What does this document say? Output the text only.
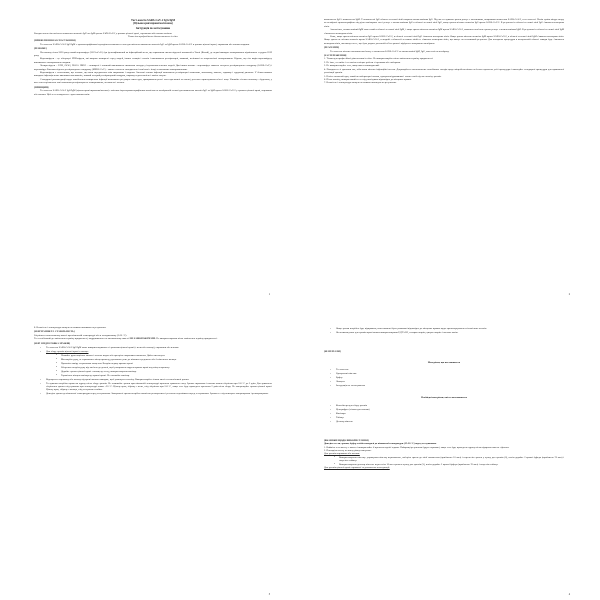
Тест-касета SARS-CoV-2 IgG/IgM
(Цільна кров/сироватка/плазма)
Інструкція по застосуванню

Експрес-тест для якісного виявлення антитіл IgG та IgM проти SARS-CoV-2 у зразках цільної крові, сироватки або плазми людини.

Тільки для професійного діагностичного in vitro.

[ПРИЗНАЧЕННЯ ЗАСТОСУВАННЯ]

Тест-касета SARS-CoV-2 IgG/IgM є хроматографічним імунодіагностичним тестом для якісного виявлення антитіл IgG та IgM проти SARS-CoV-2 в зразках цільної крові, сироватки або плазми людини.

[РЕЗЮМЕ]

На початку січня 2020 року новий коронавірус (2019-nCoV) був ідентифікований як інфекційний агент, що спричиняв спалах вірусної пневмонії в Ухані (Китай), де перші випадки захворювання відмічались з грудня 2019 року.

Коронавіруси – це обгорнуті РНК-віруси, які широко поширені серед людей, інших ссавців і птахів і викликають респіраторні, кишкові, печінкові та неврологічні захворювання. Відомо, що сім видів коронавірусу викликають захворювання людини.

Чотири віруси – 229E, OC43, NL63 і HKU1 – поширені і зазвичай викликають симптоми застуди у імунокомпетентних людей. Два інших штами – коронавірус тяжкого гострого респіраторного синдрому (SARS-CoV) і коронавірус Близькосхідного респіраторного синдрому (MERS-CoV) – мають зоонозне походження і пов'язані з іноді летальними захворюваннями.

Коронавіруси є зоонозними, що означає, що вони передаються між тваринами і людьми. Загальні ознаки інфекції включають респіраторні симптоми, лихоманку, кашель, задишку і труднощі дихання. У більш важких випадках інфекція може викликати пневмонію, тяжкий гострий респіраторний синдром, ниркову недостатність і навіть смерть.

Стандартні рекомендації щодо запобігання поширенню інфекції включають регулярне миття рук, прикривання рота і носа при кашлі та чханні, ретельне приготування м'яса і яєць. Уникайте тісного контакту з будь-ким, у кого спостерігаються такі симптоми респіраторного захворювання, як кашель і чхання.

[ПРИНЦИП]

Тест-касета SARS-CoV-2 IgG/IgM (цільна кров/сироватка/плазма) є якісним імунохроматографічним аналізом на мембранній основі для виявлення антитіл IgG та IgM проти SARS-CoV-2 у зразках цільної крові, сироватки або плазми. Цей тест складається з двох компонентів:

1

компонента IgG і компонента IgM. У компоненті IgG область тестової лінії покрита античеловічим IgG. Під час тестування зразок реагує з частинками, покритими антигеном SARS-CoV-2, в тест-касеті. Потім суміш мігрує вгору по мембрані хроматографічно під дією капілярних сил і реагує з античеловічим IgG в області тестової лінії IgG, якщо зразок містить антитіла IgG проти SARS-CoV-2. В результаті в області тестової лінії IgG з'явиться кольорова лінія.

Аналогічно, античеловічий IgM нанесений в області тестової лінії IgM, і якщо зразок містить антитіла IgM проти SARS-CoV-2, комплекс кон'югат-зразок реагує з античеловічим IgM. В результаті в області тестової лінії IgM з'являється кольорова лінія.

Отже, якщо зразок містить антитіла IgG проти SARS-CoV-2, в області тестової лінії IgG з'явиться кольорова лінія. Якщо зразок містить антитіла IgM проти SARS-CoV-2, в області тестової лінії IgM з'явиться кольорова лінія. Якщо зразок не містить антитіл проти SARS-CoV-2, в жодній з областей тестових ліній не з'явиться кольорова лінія, що вказує на негативний результат. Для контролю процедури в контрольній області завжди буде з'являтися кольорова лінія, яка вказує на те, що було додано достатній об'єм зразка і відбулося змочування мембрани.

[РЕАГЕНТИ]

Тест-касета містить частинки кон'югату з антигеном SARS-CoV-2 та античеловічі IgM, IgG, нанесені на мембрану.

[ЗАСТЕРЕЖЕННЯ]

1. Тільки для професійної діагностики in vitro. Не використовуйте після закінчення терміну придатності.

2. Не їжте, не пийте і не паліть в місцях роботи зі зразками або наборами.

3. Не використовуйте тест, якщо пакет пошкоджений.

4. Поводьтеся зі зразками так, ніби вони містять інфекційні агенти. Дотримуйтесь встановлених запобіжних заходів щодо мікробіологічних небезпек протягом усієї процедури і виконуйте стандартні процедури для правильної утилізації зразків.

5. Носіть захисний одяг, такий як лабораторні халати, одноразові рукавички і захист очей під час аналізу зразків.

6. Після аналізу, використаний тест слід утилізувати відповідно до місцевих правил.

7. Вологість і температура можуть негативно вплинути на результати.

2

8. Вологість і температура можуть негативно впливати на результати.

[ЗБЕРІГАННЯ ТА СТАБІЛЬНІСТЬ]

Зберігати в запечатаному пакеті при кімнатній температурі або в холодильнику (2-30 °C).

Тест стабільний до закінчення терміну придатності, надрукованого на запечатаному пакеті. НЕ ЗАМОРОЖУВАТИ. Не використовувати після закінчення терміну придатності.

[ЗБІР І ПІДГОТОВКА ЗРАЗКІВ]

• Тест-касета SARS-CoV-2 IgG/IgM може використовуватись зі зразками цільної крові (з вени або пальця), сироватки або плазми.
• Для збору зразків цільної крові з пальця:
▪ Помийте руки пацієнта милом і теплою водою або протріть спиртовим тампоном. Дайте висохнути.
▪ Масажуйте руку, не торкаючись місця проколу, рухаючись униз до кінчика середнього або безіменного пальця.
▪ Проколіть шкіру стерильним ланцетом. Витріть першу краплю крові.
▪ Обережно потріть руку від зап'ястя до долоні, щоб утворилася округла крапля крові над місцем проколу.
▪ Додайте зразок цільної крові з пальця до тесту, використовуючи капіляр.
▪ Торкніться кінцем капіляра до краплі крові. Не стискайте капіляр.
• Відокремте сироватку або плазму від крові якомога швидше, щоб уникнути гемолізу. Використовуйте тільки чисті негемолізовані зразки.
• Тестування потрібно провести одразу після збору зразків. Не залишайте зразки при кімнатній температурі протягом тривалого часу. Зразки сироватки і плазми можна зберігати при 2-8 °C до 3 днів. Для тривалого зберігання зразки слід тримати при температурі нижче -20 °C. Цільну кров, зібрану з вени, слід зберігати при 2-8 °C, якщо тест буде проведено протягом 2 днів після збору. Не заморожуйте зразки цільної крові. Цільну кров, зібрану з пальця, слід тестувати негайно.
• Доведіть зразки до кімнатної температури перед тестуванням. Заморожені зразки потрібно повністю розморозити і ретельно перемішати перед тестуванням. Зразки не слід повторно заморожувати і розморожувати.
3
• Якщо зразки потрібно буде відправити, вони повинні бути упаковані відповідно до місцевих правил щодо транспортування етіологічних агентів.
• Як антикоагулянт для зразків крові можна використовувати ЕДТА К2, гепарин натрію, цитрат натрію і оксалат калію.

[МАТЕРІАЛИ]

Матеріали, що постачаються

• Тест-касети
• Одноразові піпетки
• Буфер
• Ланцети
• Інструкція по застосуванню

Необхідні матеріали, які не постачаються

• Контейнери для збору зразків
• Центрифуга (тільки для плазми)
• Капіляри
• Таймер
• Дозатор піпеток

[ВКАЗІВКИ ЩОДО ВИКОРИСТАННЯ]

Доведіть тести, зразки, буфер та/або контролі до кімнатної температури (15-30 °C) перед тестуванням.

1. Вийміть тест-касету з пакета і використайте її протягом однієї години. Найкращі результати будуть отримані, якщо тест буде проведено одразу після відкриття пакета з фольги.

2. Покладіть касету на чисту рівну поверхню.

Для зразків сироватки або плазми:

▪ Використовуючи піпетку: утримуючи піпетку вертикально, наберіть зразок до лінії заповнення (приблизно 10 мкл) і перенесіть зразок у лунку для зразків (S), потім додайте 2 краплі буфера (приблизно 70 мкл) і запустіть таймер.
▪ Використовуючи дозатор піпеток: перенесіть 10 мкл зразка в лунку для зразків (S), потім додайте 2 краплі буфера (приблизно 70 мкл) і запустіть таймер.

Для зразків цільної крові отриманої за допомогою венепункції:

4
